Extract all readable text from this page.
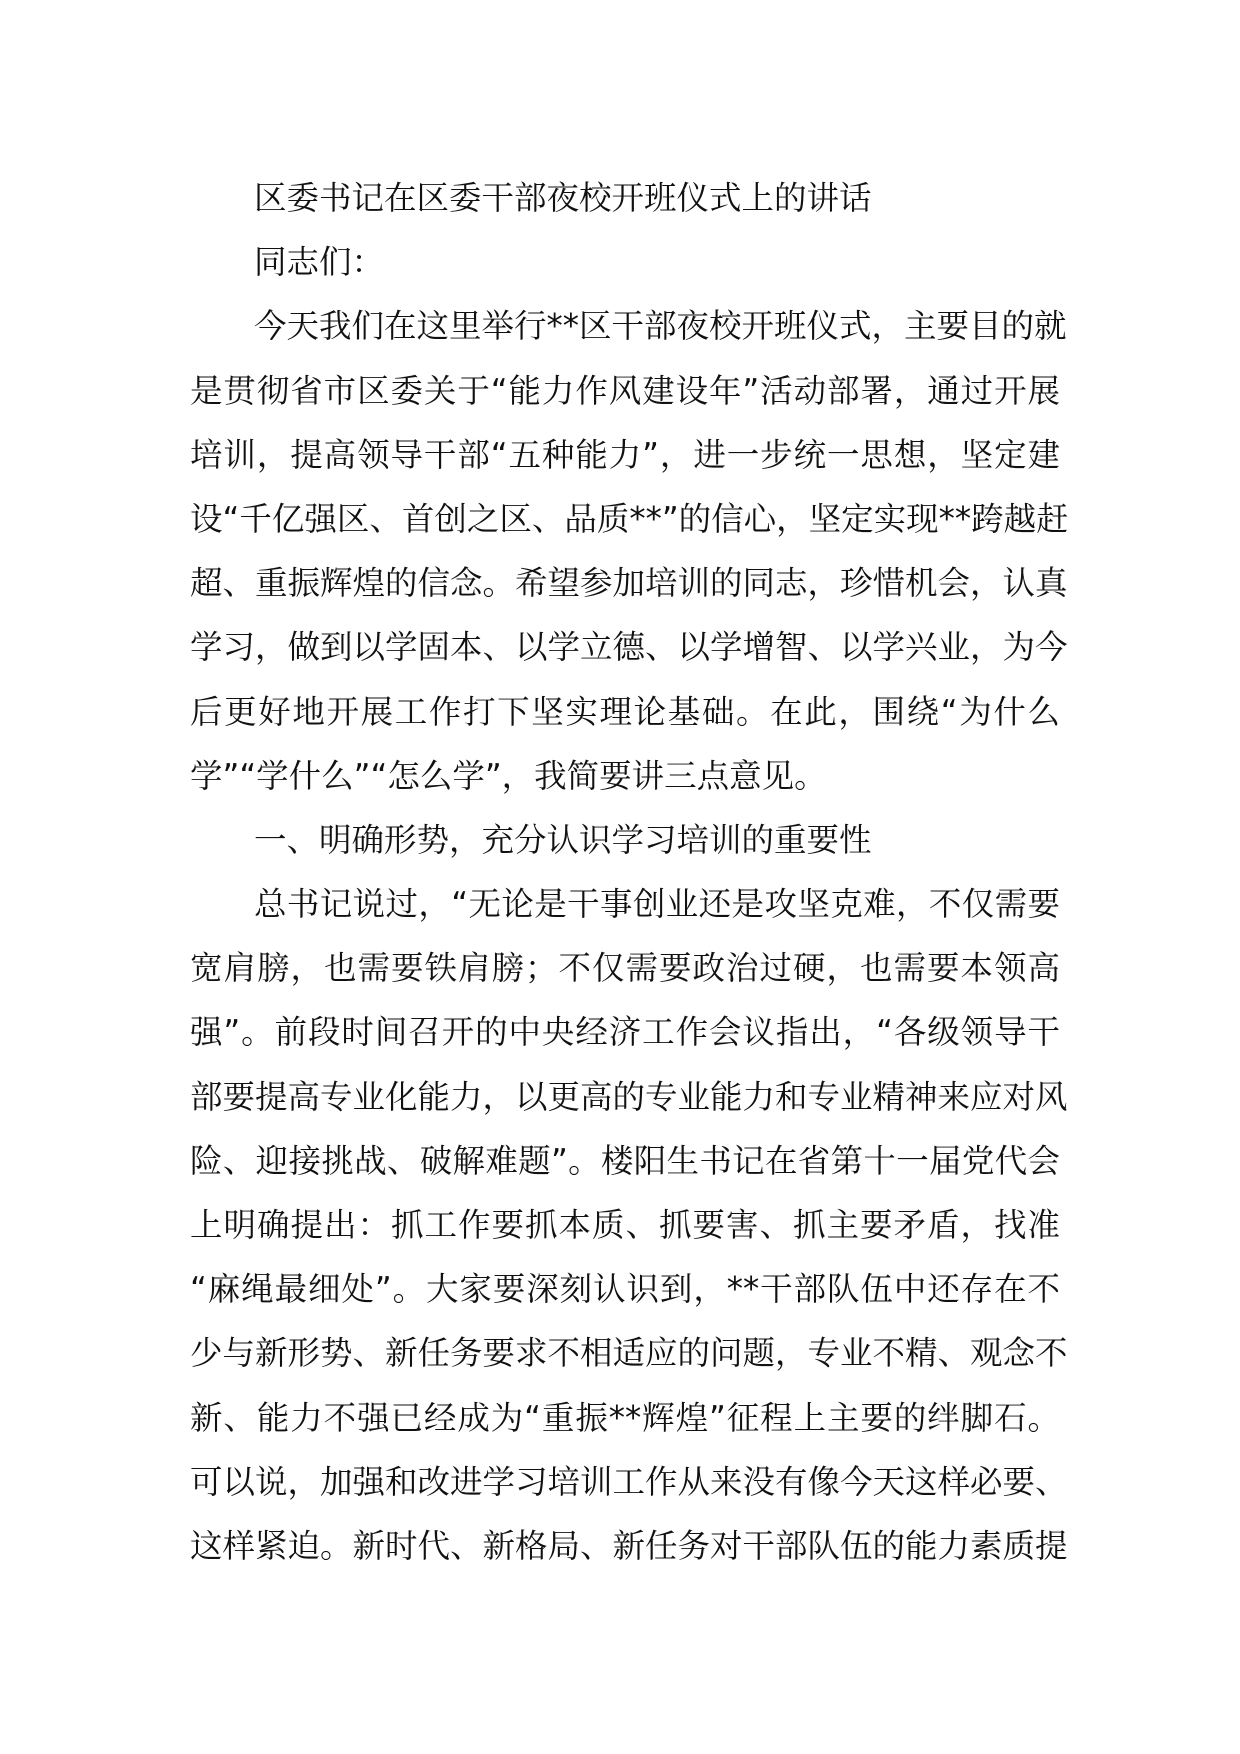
区委书记在区委干部夜校开班仪式上的讲话
同志们：
今天我们在这里举行**区干部夜校开班仪式，主要目的就
是贯彻省市区委关于“能力作风建设年”活动部署，通过开展
培训，提高领导干部“五种能力”，进一步统一思想，坚定建
设“千亿强区、首创之区、品质**”的信心，坚定实现**跨越赶
超、重振辉煌的信念。希望参加培训的同志，珍惜机会，认真
学习，做到以学固本、以学立德、以学增智、以学兴业，为今
后更好地开展工作打下坚实理论基础。在此，围绕“为什么
学”“学什么”“怎么学”，我简要讲三点意见。
一、明确形势，充分认识学习培训的重要性
总书记说过，“无论是干事创业还是攻坚克难，不仅需要
宽肩膀，也需要铁肩膀；不仅需要政治过硬，也需要本领高
强”。前段时间召开的中央经济工作会议指出，“各级领导干
部要提高专业化能力，以更高的专业能力和专业精神来应对风
险、迎接挑战、破解难题”。楼阳生书记在省第十一届党代会
上明确提出：抓工作要抓本质、抓要害、抓主要矛盾，找准
“麻绳最细处”。大家要深刻认识到，**干部队伍中还存在不
少与新形势、新任务要求不相适应的问题，专业不精、观念不
新、能力不强已经成为“重振**辉煌”征程上主要的绊脚石。
可以说，加强和改进学习培训工作从来没有像今天这样必要、
这样紧迫。新时代、新格局、新任务对干部队伍的能力素质提
